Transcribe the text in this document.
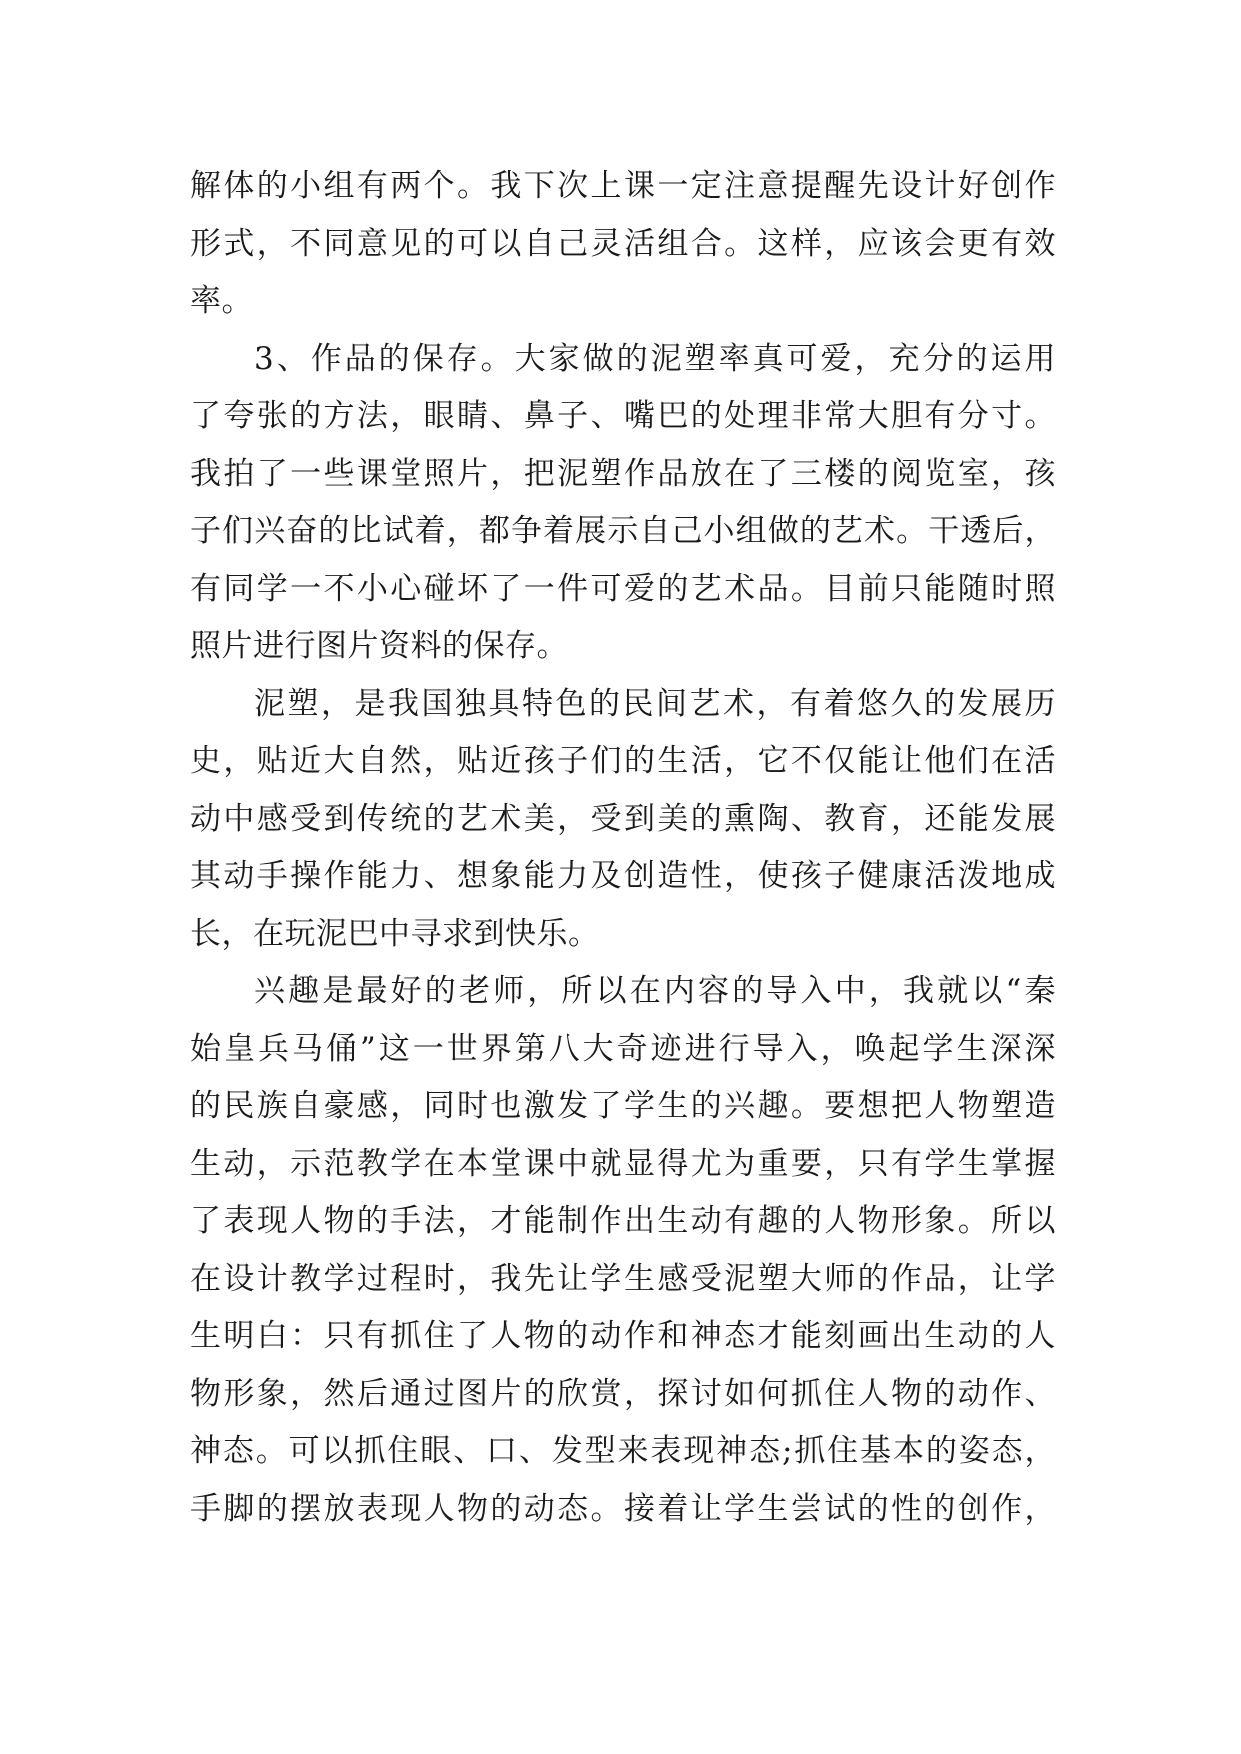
解体的小组有两个。我下次上课一定注意提醒先设计好创作
形式，不同意见的可以自己灵活组合。这样，应该会更有效
率。
3、作品的保存。大家做的泥塑率真可爱，充分的运用
了夸张的方法，眼睛、鼻子、嘴巴的处理非常大胆有分寸。
我拍了一些课堂照片，把泥塑作品放在了三楼的阅览室，孩
子们兴奋的比试着，都争着展示自己小组做的艺术。干透后，
有同学一不小心碰坏了一件可爱的艺术品。目前只能随时照
照片进行图片资料的保存。
泥塑，是我国独具特色的民间艺术，有着悠久的发展历
史，贴近大自然，贴近孩子们的生活，它不仅能让他们在活
动中感受到传统的艺术美，受到美的熏陶、教育，还能发展
其动手操作能力、想象能力及创造性，使孩子健康活泼地成
长，在玩泥巴中寻求到快乐。
兴趣是最好的老师，所以在内容的导入中，我就以“秦
始皇兵马俑”这一世界第八大奇迹进行导入，唤起学生深深
的民族自豪感，同时也激发了学生的兴趣。要想把人物塑造
生动，示范教学在本堂课中就显得尤为重要，只有学生掌握
了表现人物的手法，才能制作出生动有趣的人物形象。所以
在设计教学过程时，我先让学生感受泥塑大师的作品，让学
生明白：只有抓住了人物的动作和神态才能刻画出生动的人
物形象，然后通过图片的欣赏，探讨如何抓住人物的动作、
神态。可以抓住眼、口、发型来表现神态;抓住基本的姿态，
手脚的摆放表现人物的动态。接着让学生尝试的性的创作，
